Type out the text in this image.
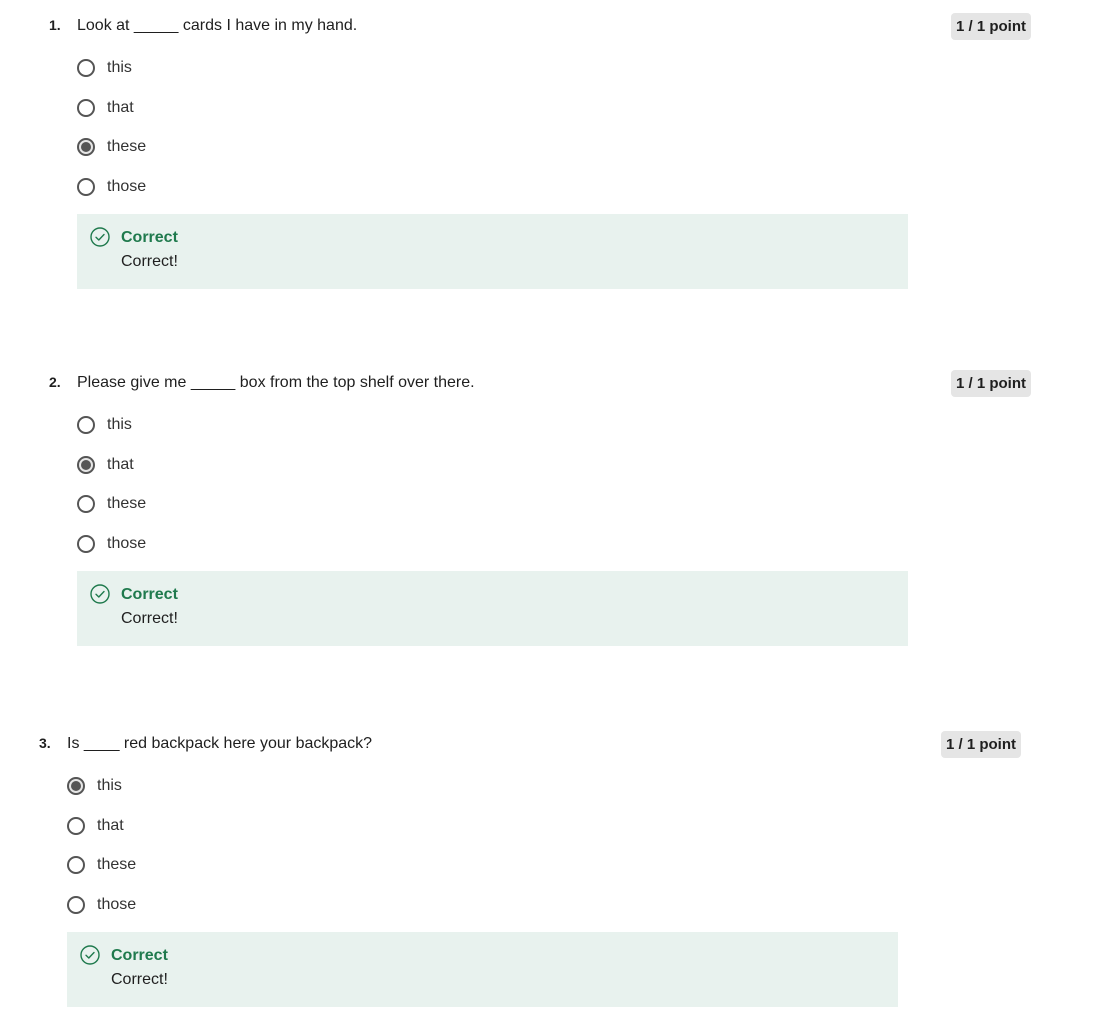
1. Look at _____ cards I have in my hand.	1 / 1 point
this
that
these
those
Correct
Correct!
2. Please give me _____ box from the top shelf over there.	1 / 1 point
this
that
these
those
Correct
Correct!
3. Is ____ red backpack here your backpack?	1 / 1 point
this
that
these
those
Correct
Correct!
